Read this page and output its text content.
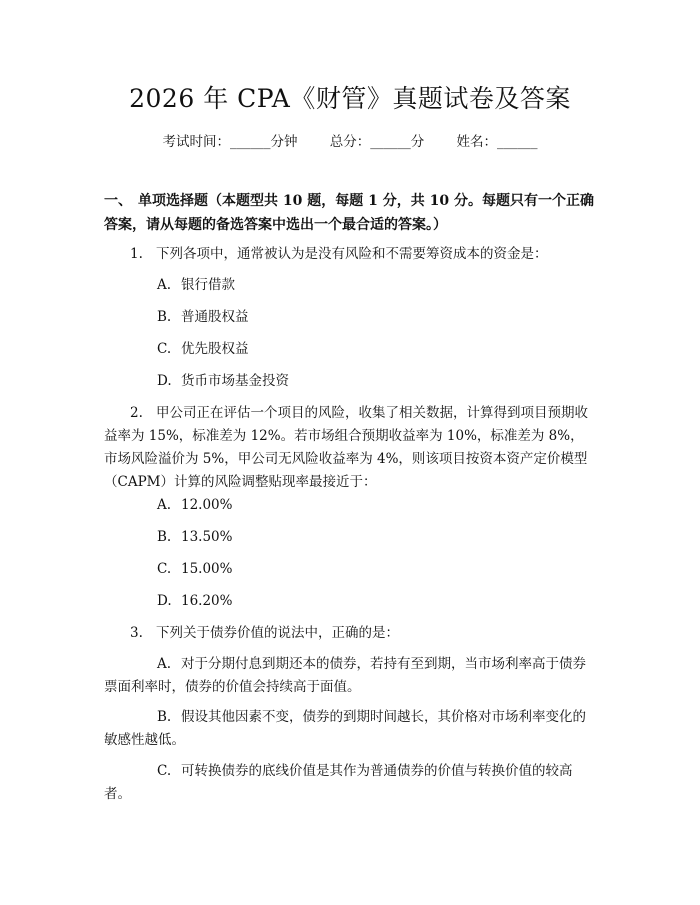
2026 年 CPA《财管》真题试卷及答案
考试时间：______分钟 总分：______分 姓名：______
一、 单项选择题（本题型共 10 题，每题 1 分，共 10 分。每题只有一个正确答案，请从每题的备选答案中选出一个最合适的答案。）
1. 下列各项中，通常被认为是没有风险和不需要筹资成本的资金是：
A. 银行借款
B. 普通股权益
C. 优先股权益
D. 货币市场基金投资
2. 甲公司正在评估一个项目的风险，收集了相关数据，计算得到项目预期收益率为 15%，标准差为 12%。若市场组合预期收益率为 10%，标准差为 8%，市场风险溢价为 5%，甲公司无风险收益率为 4%，则该项目按资本资产定价模型（CAPM）计算的风险调整贴现率最接近于：
A. 12.00%
B. 13.50%
C. 15.00%
D. 16.20%
3. 下列关于债券价值的说法中，正确的是：
A. 对于分期付息到期还本的债券，若持有至到期，当市场利率高于债券票面利率时，债券的价值会持续高于面值。
B. 假设其他因素不变，债券的到期时间越长，其价格对市场利率变化的敏感性越低。
C. 可转换债券的底线价值是其作为普通债券的价值与转换价值的较高者。
